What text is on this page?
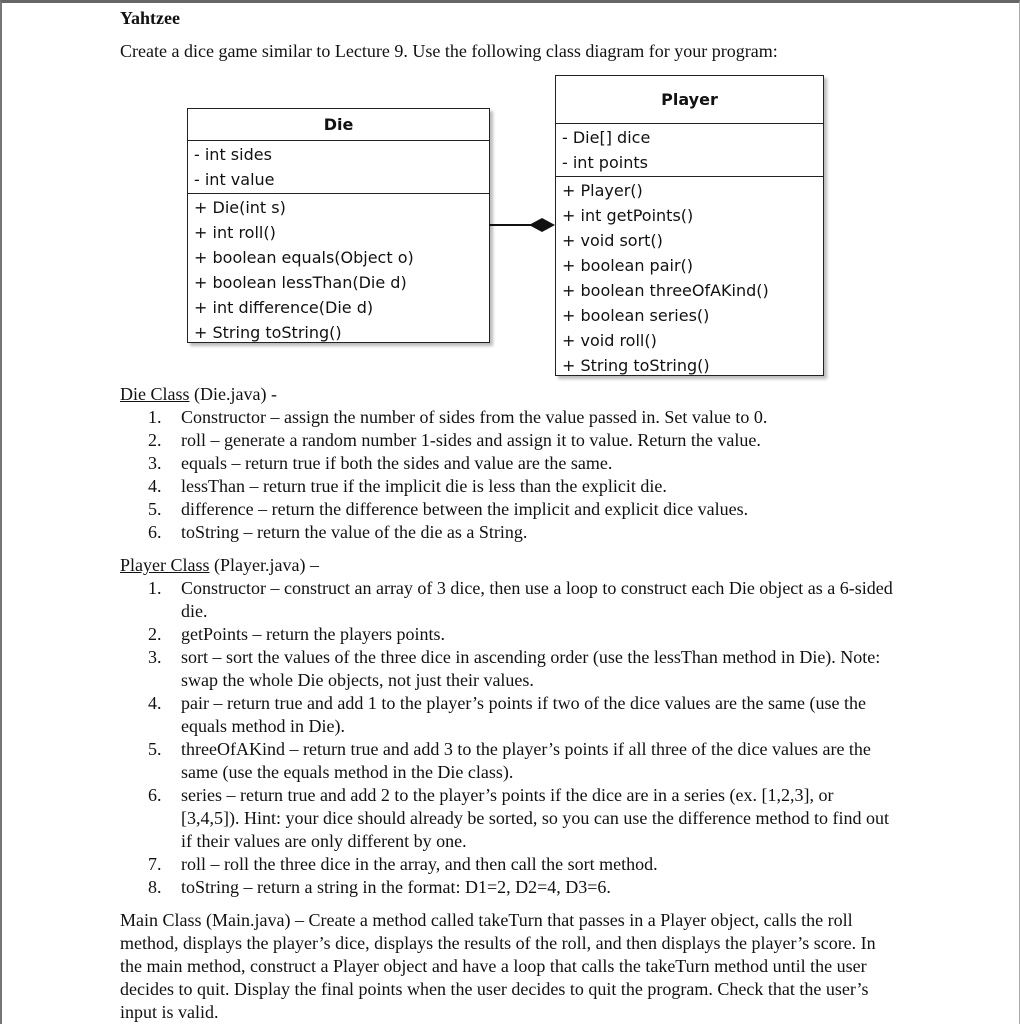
Yahtzee
Create a dice game similar to Lecture 9. Use the following class diagram for your program:
Die
- int sides
- int value
+ Die(int s)
+ int roll()
+ boolean equals(Object o)
+ boolean lessThan(Die d)
+ int difference(Die d)
+ String toString()
Player
- Die[] dice
- int points
+ Player()
+ int getPoints()
+ void sort()
+ boolean pair()
+ boolean threeOfAKind()
+ boolean series()
+ void roll()
+ String toString()
Die Class (Die.java) -
1.	Constructor – assign the number of sides from the value passed in. Set value to 0.
2.	roll – generate a random number 1-sides and assign it to value. Return the value.
3.	equals – return true if both the sides and value are the same.
4.	lessThan – return true if the implicit die is less than the explicit die.
5.	difference – return the difference between the implicit and explicit dice values.
6.	toString – return the value of the die as a String.
Player Class (Player.java) –
1.	Constructor – construct an array of 3 dice, then use a loop to construct each Die object as a 6-sided die.
2.	getPoints – return the players points.
3.	sort – sort the values of the three dice in ascending order (use the lessThan method in Die). Note: swap the whole Die objects, not just their values.
4.	pair – return true and add 1 to the player’s points if two of the dice values are the same (use the equals method in Die).
5.	threeOfAKind – return true and add 3 to the player’s points if all three of the dice values are the same (use the equals method in the Die class).
6.	series – return true and add 2 to the player’s points if the dice are in a series (ex. [1,2,3], or [3,4,5]). Hint: your dice should already be sorted, so you can use the difference method to find out if their values are only different by one.
7.	roll – roll the three dice in the array, and then call the sort method.
8.	toString – return a string in the format: D1=2, D2=4, D3=6.
Main Class (Main.java) – Create a method called takeTurn that passes in a Player object, calls the roll method, displays the player’s dice, displays the results of the roll, and then displays the player’s score. In the main method, construct a Player object and have a loop that calls the takeTurn method until the user decides to quit. Display the final points when the user decides to quit the program. Check that the user’s input is valid.
